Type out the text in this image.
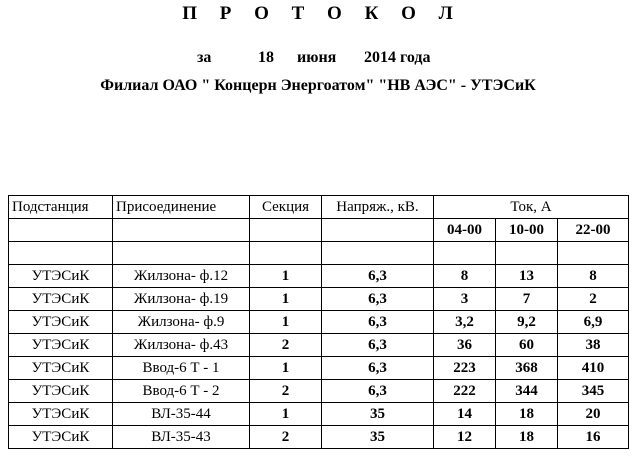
П Р О Т О К О Л
за	18 июня 2014 года
Филиал ОАО " Концерн Энергоатом" "НВ АЭС" - УТЭСиК
Подстанция	Присоединение	Секция	Напряж., кВ.	Ток, А		
				04-00	10-00	22-00

УТЭСиК	Жилзона- ф.12	1	6,3	8	13	8
УТЭСиК	Жилзона- ф.19	1	6,3	3	7	2
УТЭСиК	Жилзона- ф.9	1	6,3	3,2	9,2	6,9
УТЭСиК	Жилзона- ф.43	2	6,3	36	60	38
УТЭСиК	Ввод-6 Т - 1	1	6,3	223	368	410
УТЭСиК	Ввод-6 Т - 2	2	6,3	222	344	345
УТЭСиК	ВЛ-35-44	1	35	14	18	20
УТЭСиК	ВЛ-35-43	2	35	12	18	16
